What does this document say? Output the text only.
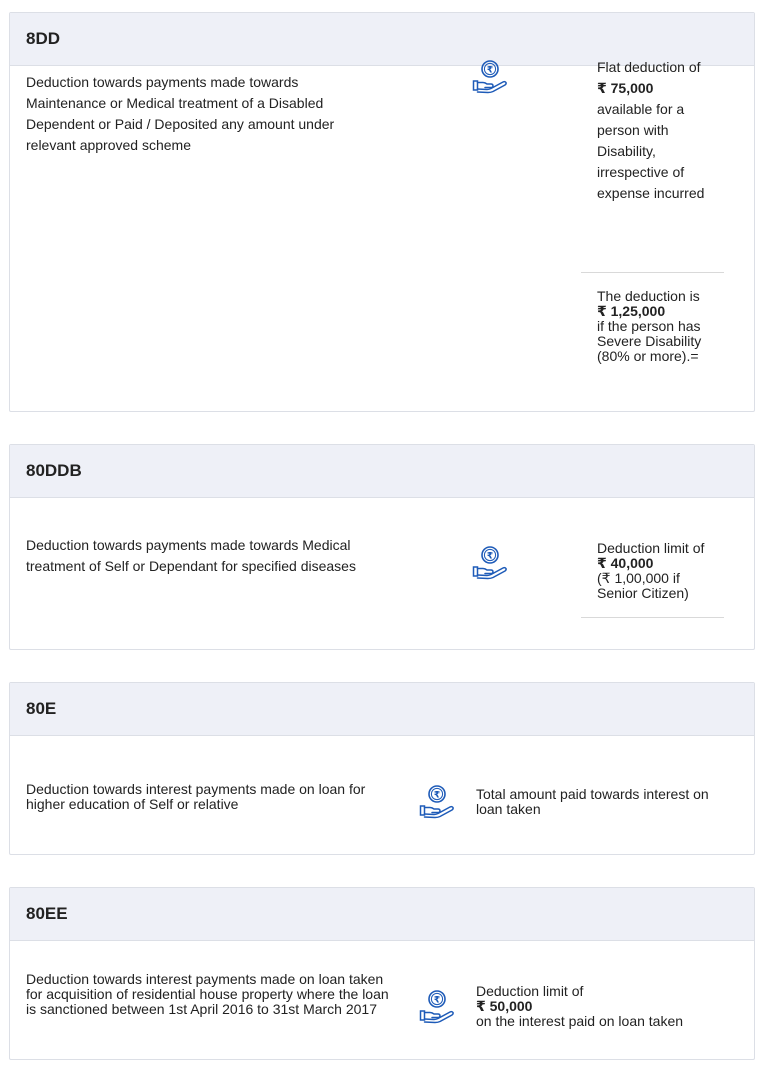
8DD
Deduction towards payments made towards Maintenance or Medical treatment of a Disabled Dependent or Paid / Deposited any amount under relevant approved scheme
Flat deduction of
₹ 75,000
available for a person with Disability, irrespective of expense incurred
The deduction is
₹ 1,25,000
if the person has Severe Disability (80% or more).=
80DDB
Deduction towards payments made towards Medical treatment of Self or Dependant for specified diseases
Deduction limit of
₹ 40,000
(₹ 1,00,000 if Senior Citizen)
80E
Deduction towards interest payments made on loan for higher education of Self or relative
Total amount paid towards interest on loan taken
80EE
Deduction towards interest payments made on loan taken for acquisition of residential house property where the loan is sanctioned between 1st April 2016 to 31st March 2017
Deduction limit of
₹ 50,000
on the interest paid on loan taken
